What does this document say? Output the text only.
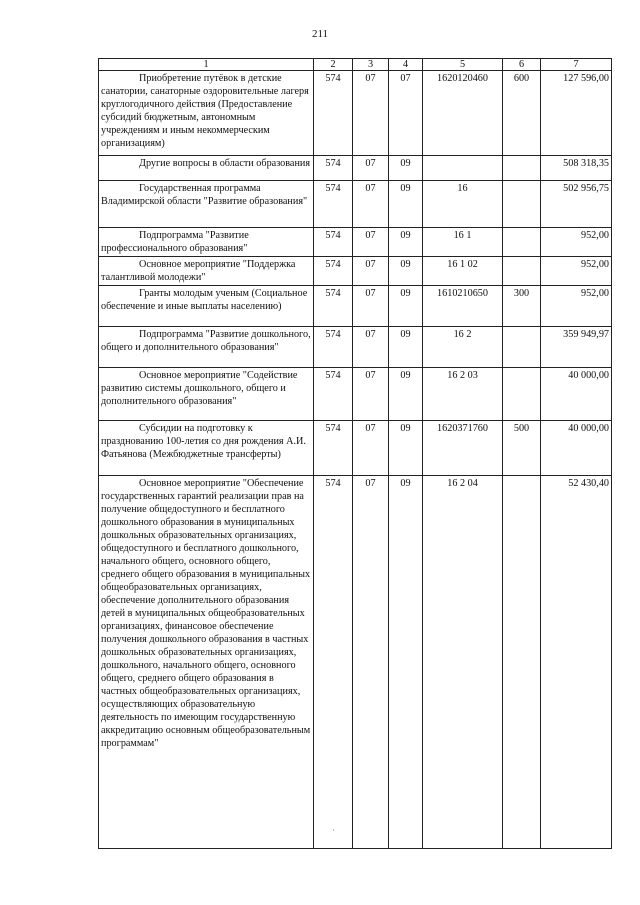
211
1	2	3	4	5	6	7

Приобретение путёвок в детские санатории, санаторные оздоровительные лагеря круглогодичного действия (Предоставление субсидий бюджетным, автономным учреждениям и иным некоммерческим организациям)	574	07	07	1620120460	600	127 596,00

Другие вопросы в области образования	574	07	09			508 318,35

Государственная программа Владимирской области "Развитие образования"	574	07	09	16		502 956,75

Подпрограмма "Развитие профессионального образования"	574	07	09	16 1		952,00

Основное мероприятие "Поддержка талантливой молодежи"	574	07	09	16 1 02		952,00

Гранты молодым ученым (Социальное обеспечение и иные выплаты населению)	574	07	09	1610210650	300	952,00

Подпрограмма "Развитие дошкольного, общего и дополнительного образования"	574	07	09	16 2		359 949,97

Основное мероприятие "Содействие развитию системы дошкольного, общего и дополнительного образования"	574	07	09	16 2 03		40 000,00

Субсидии на подготовку к празднованию 100-летия со дня рождения А.И. Фатьянова (Межбюджетные трансферты)	574	07	09	1620371760	500	40 000,00

Основное мероприятие "Обеспечение государственных гарантий реализации прав на получение общедоступного и бесплатного дошкольного образования в муниципальных дошкольных образовательных организациях, общедоступного и бесплатного дошкольного, начального общего, основного общего, среднего общего образования в муниципальных общеобразовательных организациях, обеспечение дополнительного образования детей в муниципальных общеобразовательных организациях, финансовое обеспечение получения дошкольного образования в частных дошкольных образовательных организациях, дошкольного, начального общего, основного общего, среднего общего образования в частных общеобразовательных организациях, осуществляющих образовательную деятельность по имеющим государственную аккредитацию основным общеобразовательным программам"	574	07	09	16 2 04		52 430,40
·
